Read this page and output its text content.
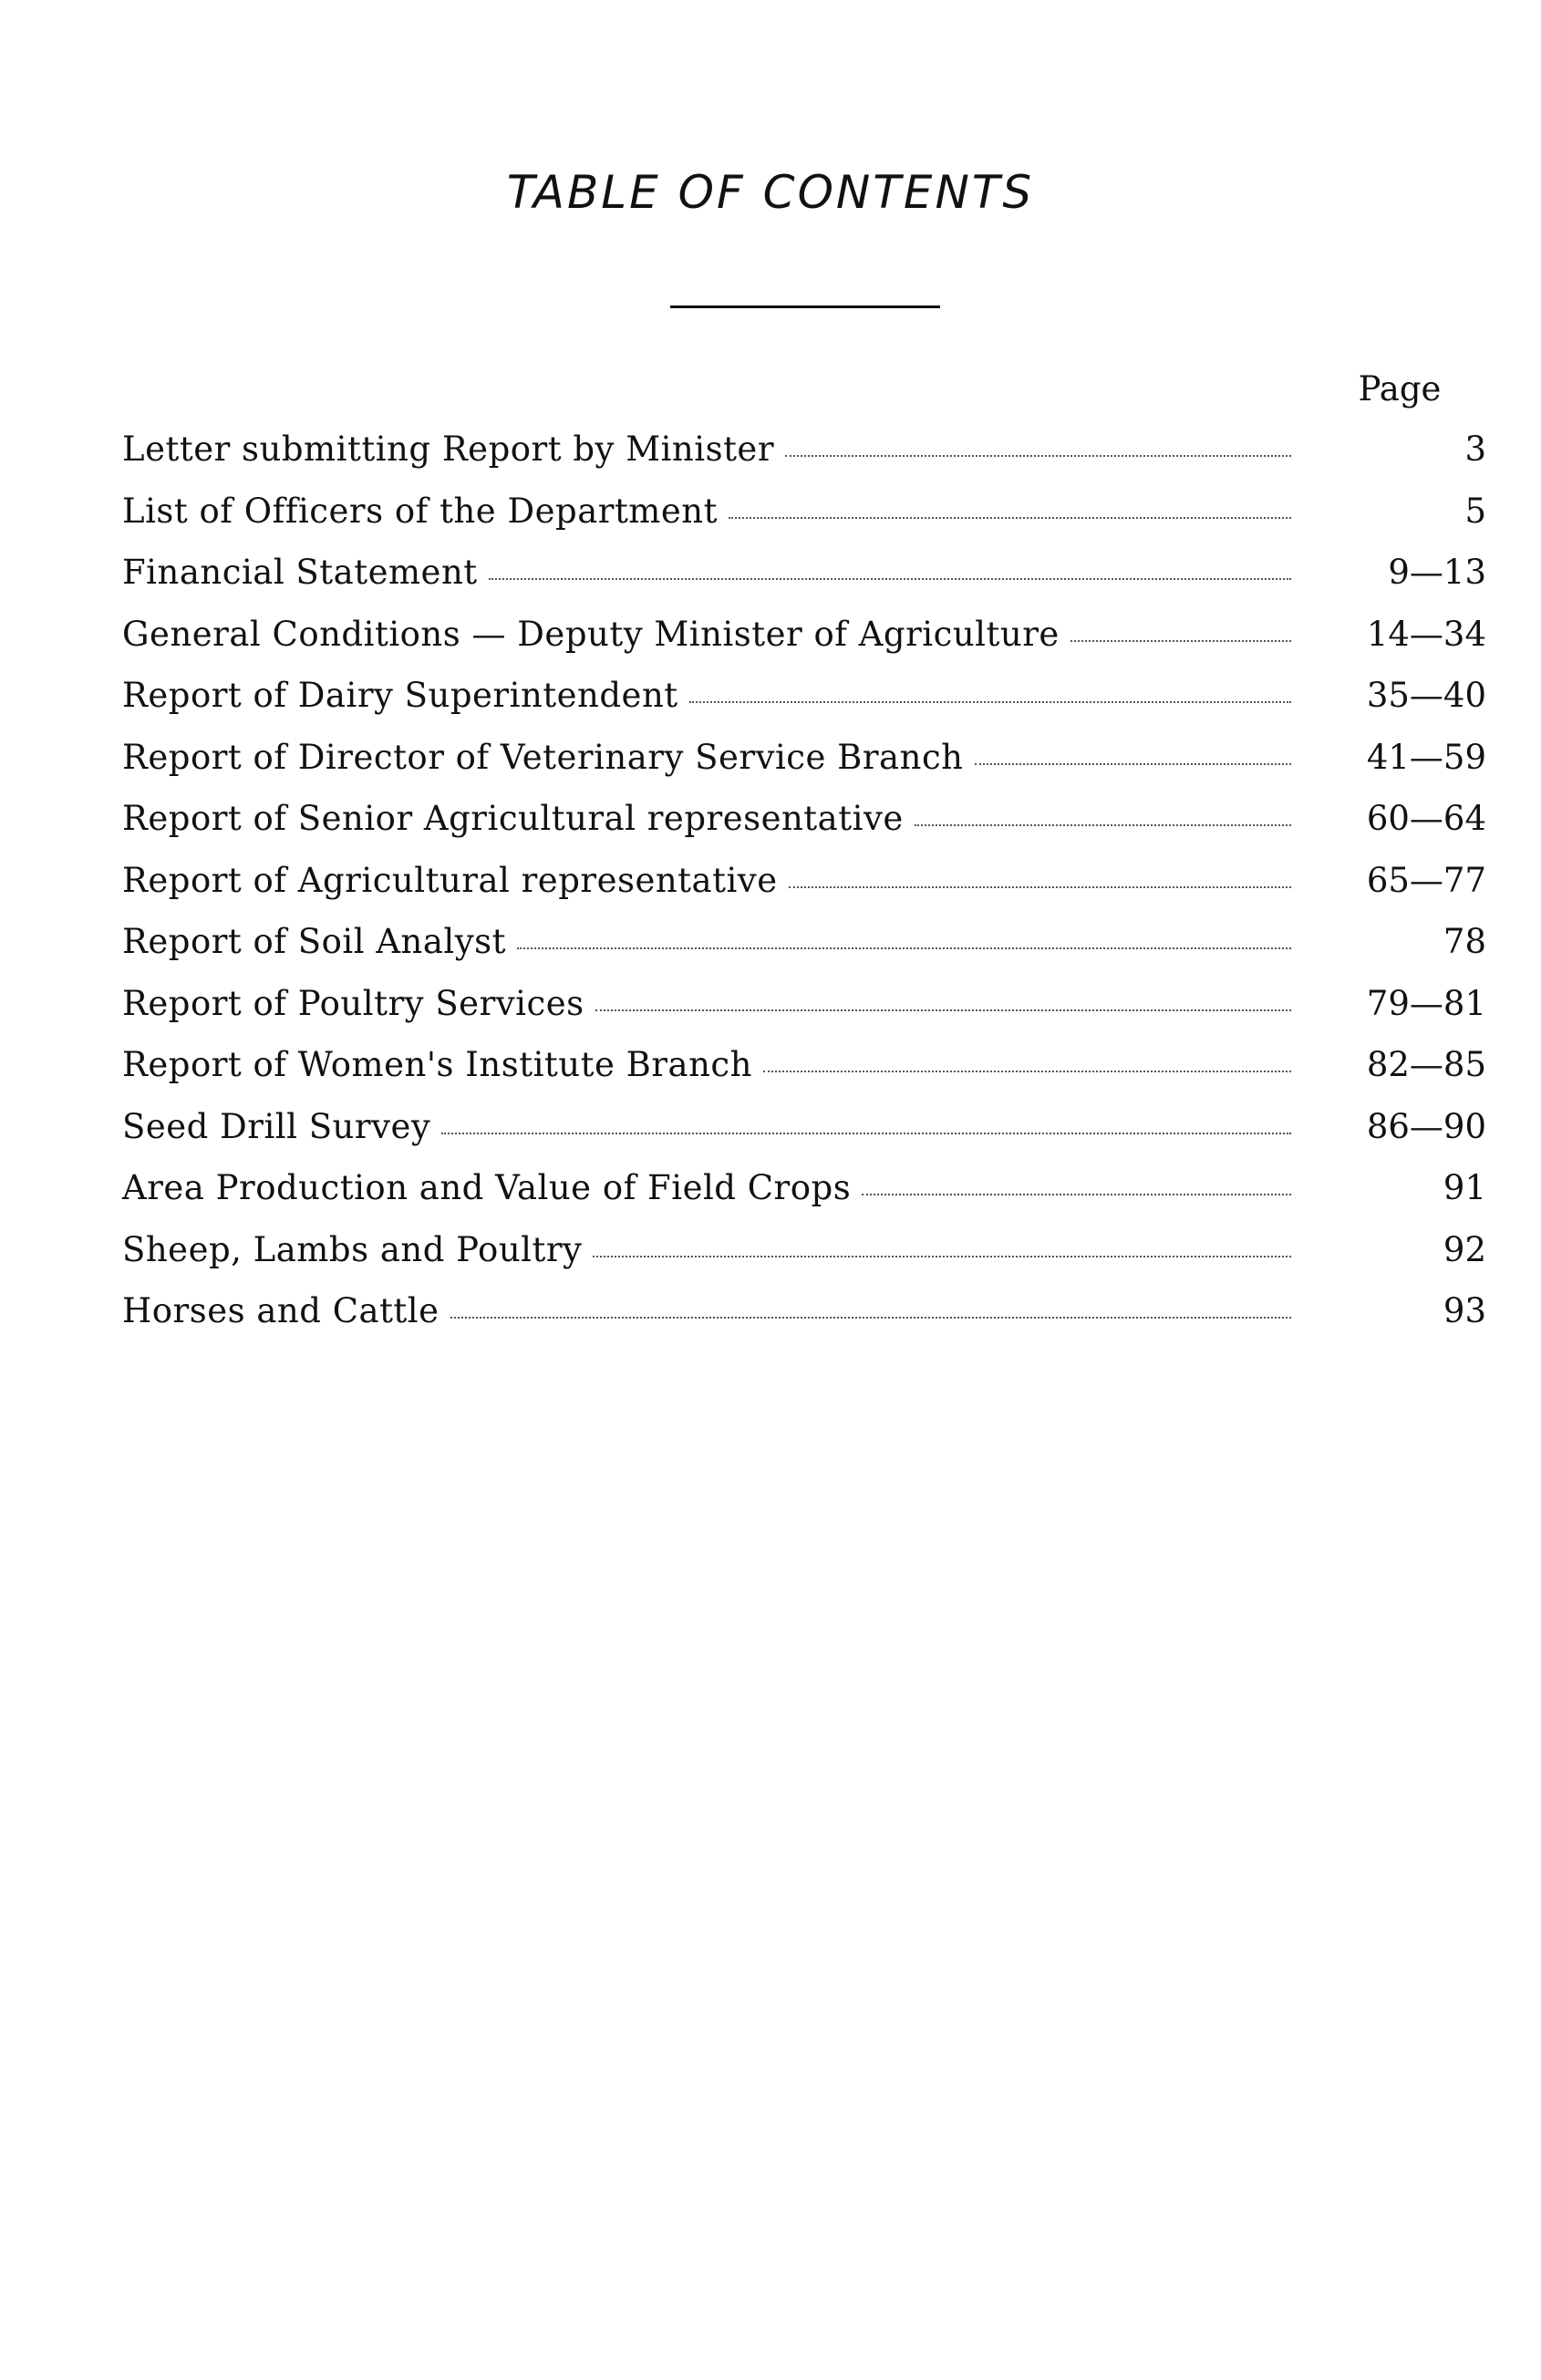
TABLE OF CONTENTS
Page
Letter submitting Report by Minister	3
List of Officers of the Department	5
Financial Statement	9—13
General Conditions — Deputy Minister of Agriculture	14—34
Report of Dairy Superintendent	35—40
Report of Director of Veterinary Service Branch	41—59
Report of Senior Agricultural representative	60—64
Report of Agricultural representative	65—77
Report of Soil Analyst	78
Report of Poultry Services	79—81
Report of Women's Institute Branch	82—85
Seed Drill Survey	86—90
Area Production and Value of Field Crops	91
Sheep, Lambs and Poultry	92
Horses and Cattle	93
